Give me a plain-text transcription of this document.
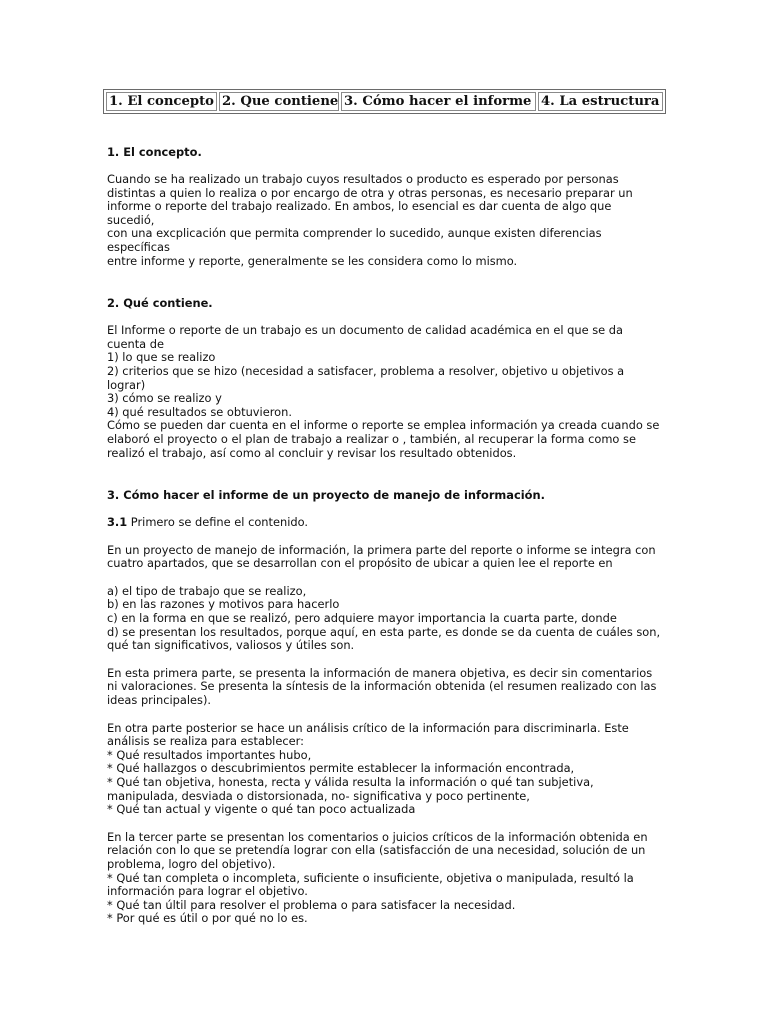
1. El concepto 2. Que contiene 3. Cómo hacer el informe 4. La estructura
1. El concepto.

Cuando se ha realizado un trabajo cuyos resultados o producto es esperado por personas
distintas a quien lo realiza o por encargo de otra y otras personas, es necesario preparar un
informe o reporte del trabajo realizado. En ambos, lo esencial es dar cuenta de algo que sucedió,
con una excplicación que permita comprender lo sucedido, aunque existen diferencias específicas
entre informe y reporte, generalmente se les considera como lo mismo.

2. Qué contiene.

El Informe o reporte de un trabajo es un documento de calidad académica en el que se da
cuenta de
1) lo que se realizo
2) criterios que se hizo (necesidad a satisfacer, problema a resolver, objetivo u objetivos a
lograr)
3) cómo se realizo y
4) qué resultados se obtuvieron.
Cómo se pueden dar cuenta en el informe o reporte se emplea información ya creada cuando se
elaboró el proyecto o el plan de trabajo a realizar o , también, al recuperar la forma como se
realizó el trabajo, así como al concluir y revisar los resultado obtenidos.

3. Cómo hacer el informe de un proyecto de manejo de información.

3.1 Primero se define el contenido.

En un proyecto de manejo de información, la primera parte del reporte o informe se integra con
cuatro apartados, que se desarrollan con el propósito de ubicar a quien lee el reporte en

a) el tipo de trabajo que se realizo,
b) en las razones y motivos para hacerlo
c) en la forma en que se realizó, pero adquiere mayor importancia la cuarta parte, donde
d) se presentan los resultados, porque aquí, en esta parte, es donde se da cuenta de cuáles son,
qué tan significativos, valiosos y útiles son.

En esta primera parte, se presenta la información de manera objetiva, es decir sin comentarios
ni valoraciones. Se presenta la síntesis de la información obtenida (el resumen realizado con las
ideas principales).

En otra parte posterior se hace un análisis crítico de la información para discriminarla. Este
análisis se realiza para establecer:
* Qué resultados importantes hubo,
* Qué hallazgos o descubrimientos permite establecer la información encontrada,
* Qué tan objetiva, honesta, recta y válida resulta la información o qué tan subjetiva,
manipulada, desviada o distorsionada, no- significativa y poco pertinente,
* Qué tan actual y vigente o qué tan poco actualizada

En la tercer parte se presentan los comentarios o juicios críticos de la información obtenida en
relación con lo que se pretendía lograr con ella (satisfacción de una necesidad, solución de un
problema, logro del objetivo).
* Qué tan completa o incompleta, suficiente o insuficiente, objetiva o manipulada, resultó la
información para lograr el objetivo.
* Qué tan últil para resolver el problema o para satisfacer la necesidad.
* Por qué es útil o por qué no lo es.
